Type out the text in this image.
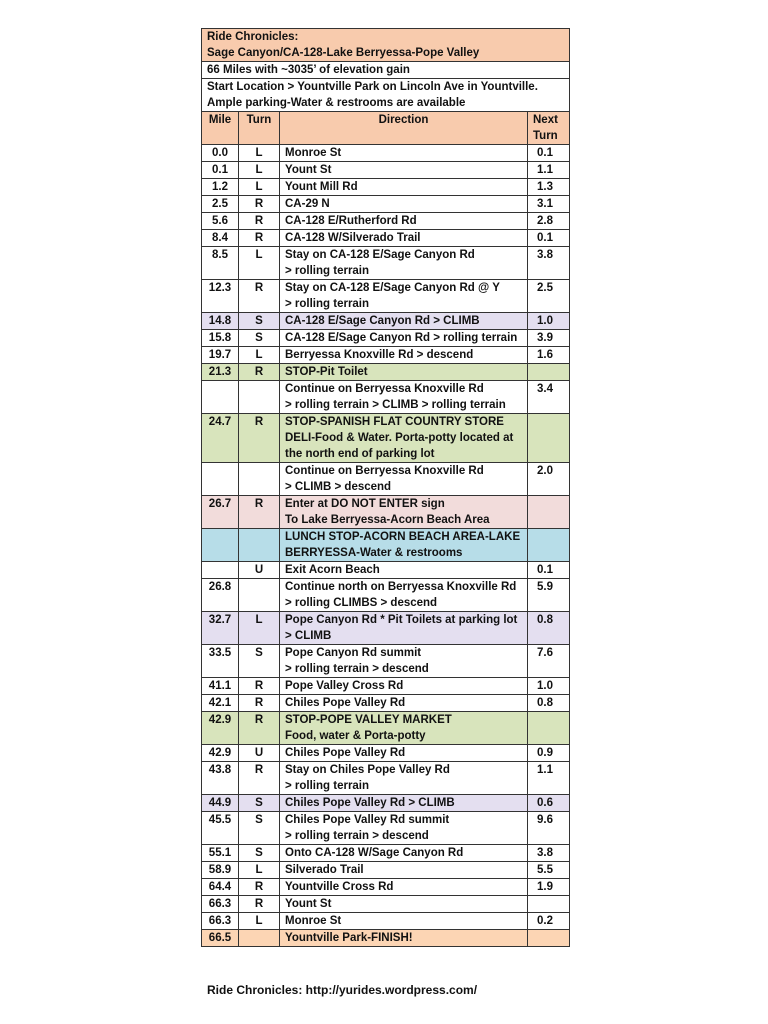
Ride Chronicles:
Sage Canyon/CA-128-Lake Berryessa-Pope Valley			

66 Miles with ~3035’ of elevation gain			

Start Location > Yountville Park on Lincoln Ave in Yountville.
Ample parking-Water & restrooms are available			

Mile	Turn	Direction	Next
Turn

0.0	L	Monroe St	0.1
0.1	L	Yount St	1.1
1.2	L	Yount Mill Rd	1.3
2.5	R	CA-29 N	3.1
5.6	R	CA-128 E/Rutherford Rd	2.8
8.4	R	CA-128 W/Silverado Trail	0.1
8.5	L	Stay on CA-128 E/Sage Canyon Rd
> rolling terrain	3.8
12.3	R	Stay on CA-128 E/Sage Canyon Rd @ Y
> rolling terrain	2.5
14.8	S	CA-128 E/Sage Canyon Rd > CLIMB	1.0
15.8	S	CA-128 E/Sage Canyon Rd > rolling terrain	3.9
19.7	L	Berryessa Knoxville Rd > descend	1.6
21.3	R	STOP-Pit Toilet	

		Continue on Berryessa Knoxville Rd
> rolling terrain > CLIMB > rolling terrain	3.4
24.7	R	STOP-SPANISH FLAT COUNTRY STORE
DELI-Food & Water. Porta-potty located at
the north end of parking lot	

		Continue on Berryessa Knoxville Rd
> CLIMB > descend	2.0
26.7	R	Enter at DO NOT ENTER sign
To Lake Berryessa-Acorn Beach Area	

		LUNCH STOP-ACORN BEACH AREA-LAKE
BERRYESSA-Water & restrooms	

	U	Exit Acorn Beach	0.1
26.8		Continue north on Berryessa Knoxville Rd
> rolling CLIMBS > descend	5.9
32.7	L	Pope Canyon Rd * Pit Toilets at parking lot
> CLIMB	0.8
33.5	S	Pope Canyon Rd summit
> rolling terrain > descend	7.6
41.1	R	Pope Valley Cross Rd	1.0
42.1	R	Chiles Pope Valley Rd	0.8
42.9	R	STOP-POPE VALLEY MARKET
Food, water & Porta-potty	

42.9	U	Chiles Pope Valley Rd	0.9
43.8	R	Stay on Chiles Pope Valley Rd
> rolling terrain	1.1
44.9	S	Chiles Pope Valley Rd > CLIMB	0.6
45.5	S	Chiles Pope Valley Rd summit
> rolling terrain > descend	9.6
55.1	S	Onto CA-128 W/Sage Canyon Rd	3.8
58.9	L	Silverado Trail	5.5
64.4	R	Yountville Cross Rd	1.9
66.3	R	Yount St	

66.3	L	Monroe St	0.2
66.5		Yountville Park-FINISH!	

Ride Chronicles: http://yurides.wordpress.com/
